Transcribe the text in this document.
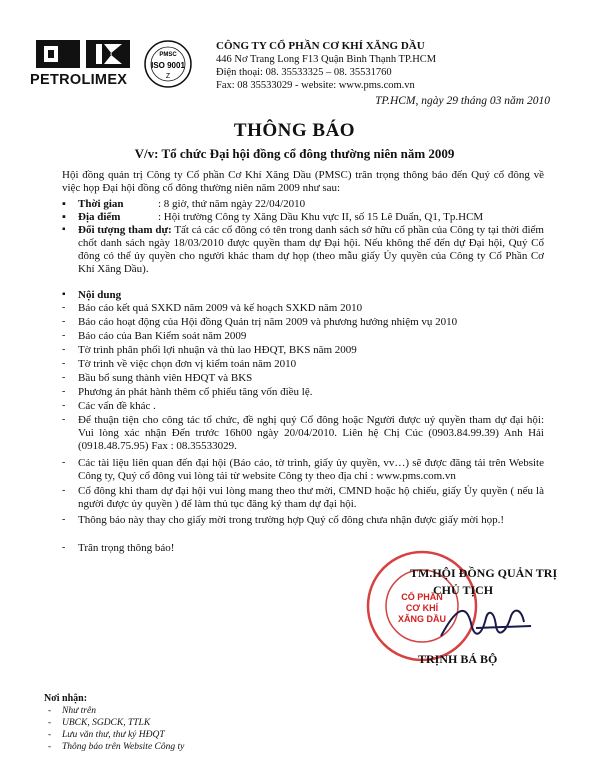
PETROLIMEX
PMSC
ISO 9001
Z
CÔNG TY CỔ PHẦN CƠ KHÍ XĂNG DẦU
446 Nơ Trang Long F13 Quận Bình Thạnh TP.HCM
Điện thoại: 08. 35533325 – 08. 35531760
Fax: 08 35533029 - website: www.pms.com.vn
TP.HCM, ngày 29 tháng 03 năm 2010
THÔNG BÁO
V/v: Tổ chức Đại hội đồng cổ đông thường niên năm 2009
Hội đồng quản trị Công ty Cổ phần Cơ Khí Xăng Dầu (PMSC) trân trọng thông báo đến Quý cổ đông về việc họp Đại hội đồng cổ đông thường niên năm 2009 như sau:
▪ Thời gian	: 8 giờ, thứ năm ngày 22/04/2010
▪ Địa điểm	: Hội trường Công ty Xăng Dầu Khu vực II, số 15 Lê Duẩn, Q1, Tp.HCM
▪ Đối tượng tham dự: Tất cả các cổ đông có tên trong danh sách sở hữu cổ phần của Công ty tại thời điểm chốt danh sách ngày 18/03/2010 được quyền tham dự Đại hội. Nếu không thể đến dự Đại hội, Quý Cổ đông có thể ủy quyền cho người khác tham dự họp (theo mẫu giấy Ủy quyền của Công ty Cổ Phần Cơ Khí Xăng Dầu).
▪ Nội dung
- Báo cáo kết quả SXKD năm 2009 và kế hoạch SXKD năm 2010
- Báo cáo hoạt động của Hội đồng Quản trị năm 2009 và phương hướng nhiệm vụ 2010
- Báo cáo của Ban Kiểm soát năm 2009
- Tờ trình phân phối lợi nhuận và thù lao HĐQT, BKS năm 2009
- Tờ trình về việc chọn đơn vị kiểm toán năm 2010
- Bầu bổ sung thành viên HĐQT và BKS
- Phương án phát hành thêm cổ phiếu tăng vốn điều lệ.
- Các vấn đề khác .
- Để thuận tiện cho công tác tổ chức, đề nghị quý Cổ đông hoặc Người được uỷ quyền tham dự đại hội: Vui lòng xác nhận Đến trước 16h00 ngày 20/04/2010. Liên hệ Chị Cúc (0903.84.99.39) Anh Hải (0918.48.75.95) Fax : 08.35533029.
- Các tài liệu liên quan đến đại hội (Báo cáo, tờ trình, giấy ủy quyền, vv…) sẽ được đăng tải trên Website Công ty, Quý cổ đông vui lòng tải từ website Công ty theo địa chỉ : www.pms.com.vn
- Cổ đông khi tham dự đại hội vui lòng mang theo thư mời, CMND hoặc hộ chiếu, giấy Ủy quyền ( nếu là người được ủy quyền ) để làm thủ tục đăng ký tham dự đại hội.
- Thông báo này thay cho giấy mời trong trường hợp Quý cổ đông chưa nhận được giấy mời họp.!
- Trân trọng thông báo!
CỔ PHẦN
CƠ KHÍ
XĂNG DẦU
TM.HỘI ĐỒNG QUẢN TRỊ
CHỦ TỊCH
TRỊNH BÁ BỘ
Nơi nhận:
- Như trên
- UBCK, SGDCK, TTLK
- Lưu văn thư, thư ký HĐQT
- Thông báo trên Website Công ty
